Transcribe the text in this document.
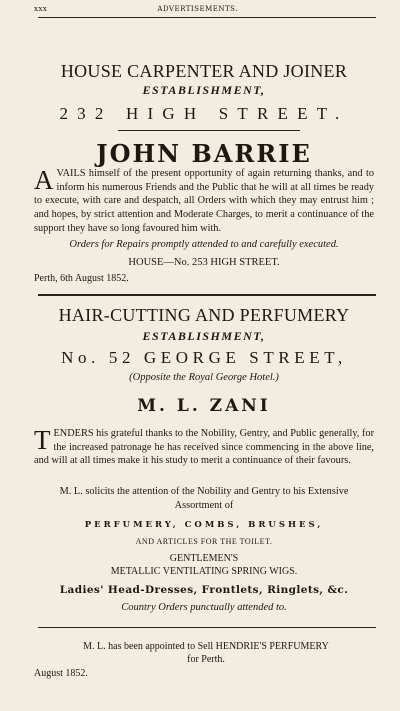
xxx	ADVERTISEMENTS.
HOUSE CARPENTER AND JOINER
ESTABLISHMENT,
232 HIGH STREET.
JOHN BARRIE
AVAILS himself of the present opportunity of again returning thanks, and to inform his numerous Friends and the Public that he will at all times be ready to execute, with care and despatch, all Orders with which they may entrust him ; and hopes, by strict attention and Moderate Charges, to merit a continuance of the support they have so long favoured him with.
Orders for Repairs promptly attended to and carefully executed.
HOUSE—No. 253 HIGH STREET.
Perth, 6th August 1852.
HAIR-CUTTING AND PERFUMERY
ESTABLISHMENT,
No. 52 GEORGE STREET,
(Opposite the Royal George Hotel.)
M. L. ZANI
TENDERS his grateful thanks to the Nobility, Gentry, and Public generally, for the increased patronage he has received since commencing in the above line, and will at all times make it his study to merit a continuance of their favours.
M. L. solicits the attention of the Nobility and Gentry to his Extensive Assortment of
PERFUMERY, COMBS, BRUSHES,
AND ARTICLES FOR THE TOILET.
GENTLEMEN'S
METALLIC VENTILATING SPRING WIGS.
Ladies' Head-Dresses, Frontlets, Ringlets, &c.
Country Orders punctually attended to.
M. L. has been appointed to Sell HENDRIE'S PERFUMERY for Perth.
August 1852.
